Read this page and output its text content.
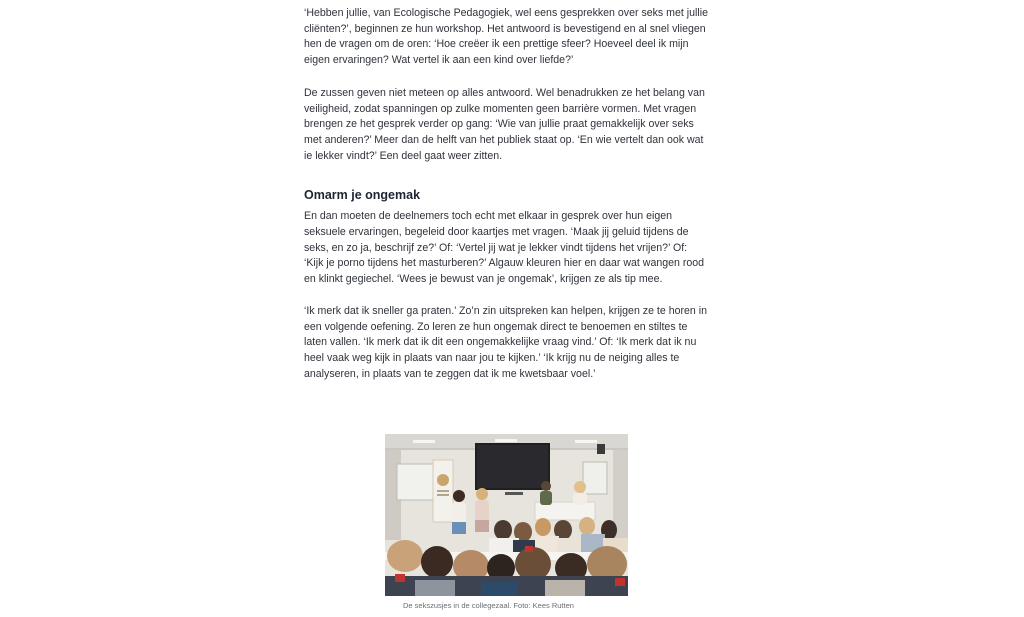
‘Hebben jullie, van Ecologische Pedagogiek, wel eens gesprekken over seks met jullie cliënten?’, beginnen ze hun workshop. Het antwoord is bevestigend en al snel vliegen hen de vragen om de oren: ‘Hoe creëer ik een prettige sfeer? Hoeveel deel ik mijn eigen ervaringen? Wat vertel ik aan een kind over liefde?’

De zussen geven niet meteen op alles antwoord. Wel benadrukken ze het belang van veiligheid, zodat spanningen op zulke momenten geen barrière vormen. Met vragen brengen ze het gesprek verder op gang: ‘Wie van jullie praat gemakkelijk over seks met anderen?’ Meer dan de helft van het publiek staat op. ‘En wie vertelt dan ook wat ie lekker vindt?’ Een deel gaat weer zitten.

Omarm je ongemak

En dan moeten de deelnemers toch echt met elkaar in gesprek over hun eigen seksuele ervaringen, begeleid door kaartjes met vragen. ‘Maak jij geluid tijdens de seks, en zo ja, beschrijf ze?’ Of: ‘Vertel jij wat je lekker vindt tijdens het vrijen?’ Of: ‘Kijk je porno tijdens het masturberen?’ Algauw kleuren hier en daar wat wangen rood en klinkt gegiechel. ‘Wees je bewust van je ongemak’, krijgen ze als tip mee.

‘Ik merk dat ik sneller ga praten.’ Zo’n zin uitspreken kan helpen, krijgen ze te horen in een volgende oefening. Zo leren ze hun ongemak direct te benoemen en stiltes te laten vallen. ‘Ik merk dat ik dit een ongemakkelijke vraag vind.’ Of: ‘Ik merk dat ik nu heel vaak weg kijk in plaats van naar jou te kijken.’ ‘Ik krijg nu de neiging alles te analyseren, in plaats van te zeggen dat ik me kwetsbaar voel.’

De sekszusjes in de collegezaal. Foto: Kees Rutten
